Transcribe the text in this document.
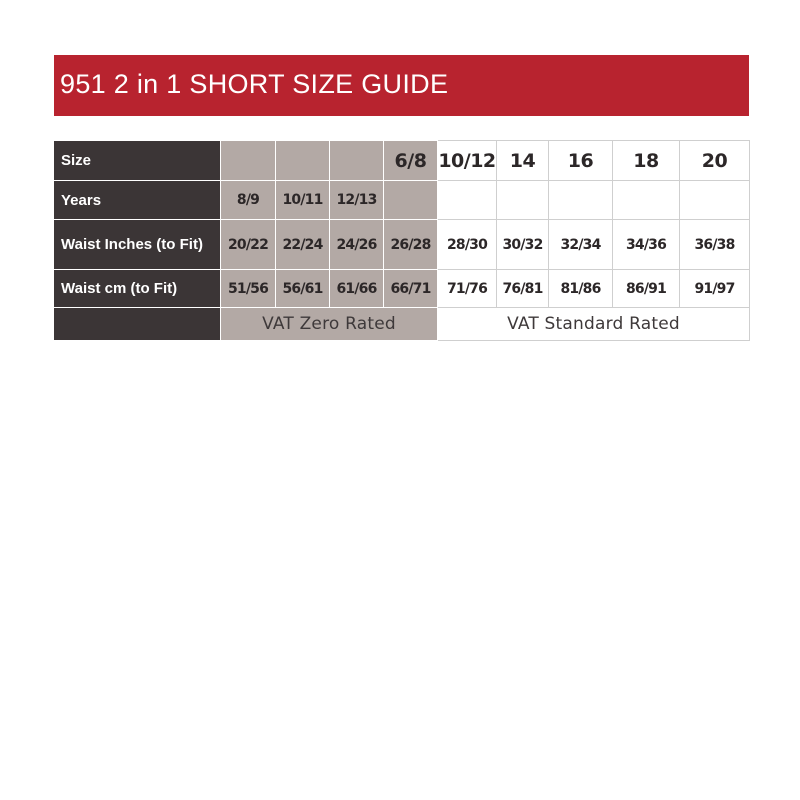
951 2 in 1 SHORT SIZE GUIDE
Size				6/8	10/12	14	16	18	20
Years	8/9	10/11	12/13						
Waist Inches (to Fit)	20/22	22/24	24/26	26/28	28/30	30/32	32/34	34/36	36/38
Waist cm (to Fit)	51/56	56/61	61/66	66/71	71/76	76/81	81/86	86/91	91/97
	VAT Zero Rated				VAT Standard Rated				
